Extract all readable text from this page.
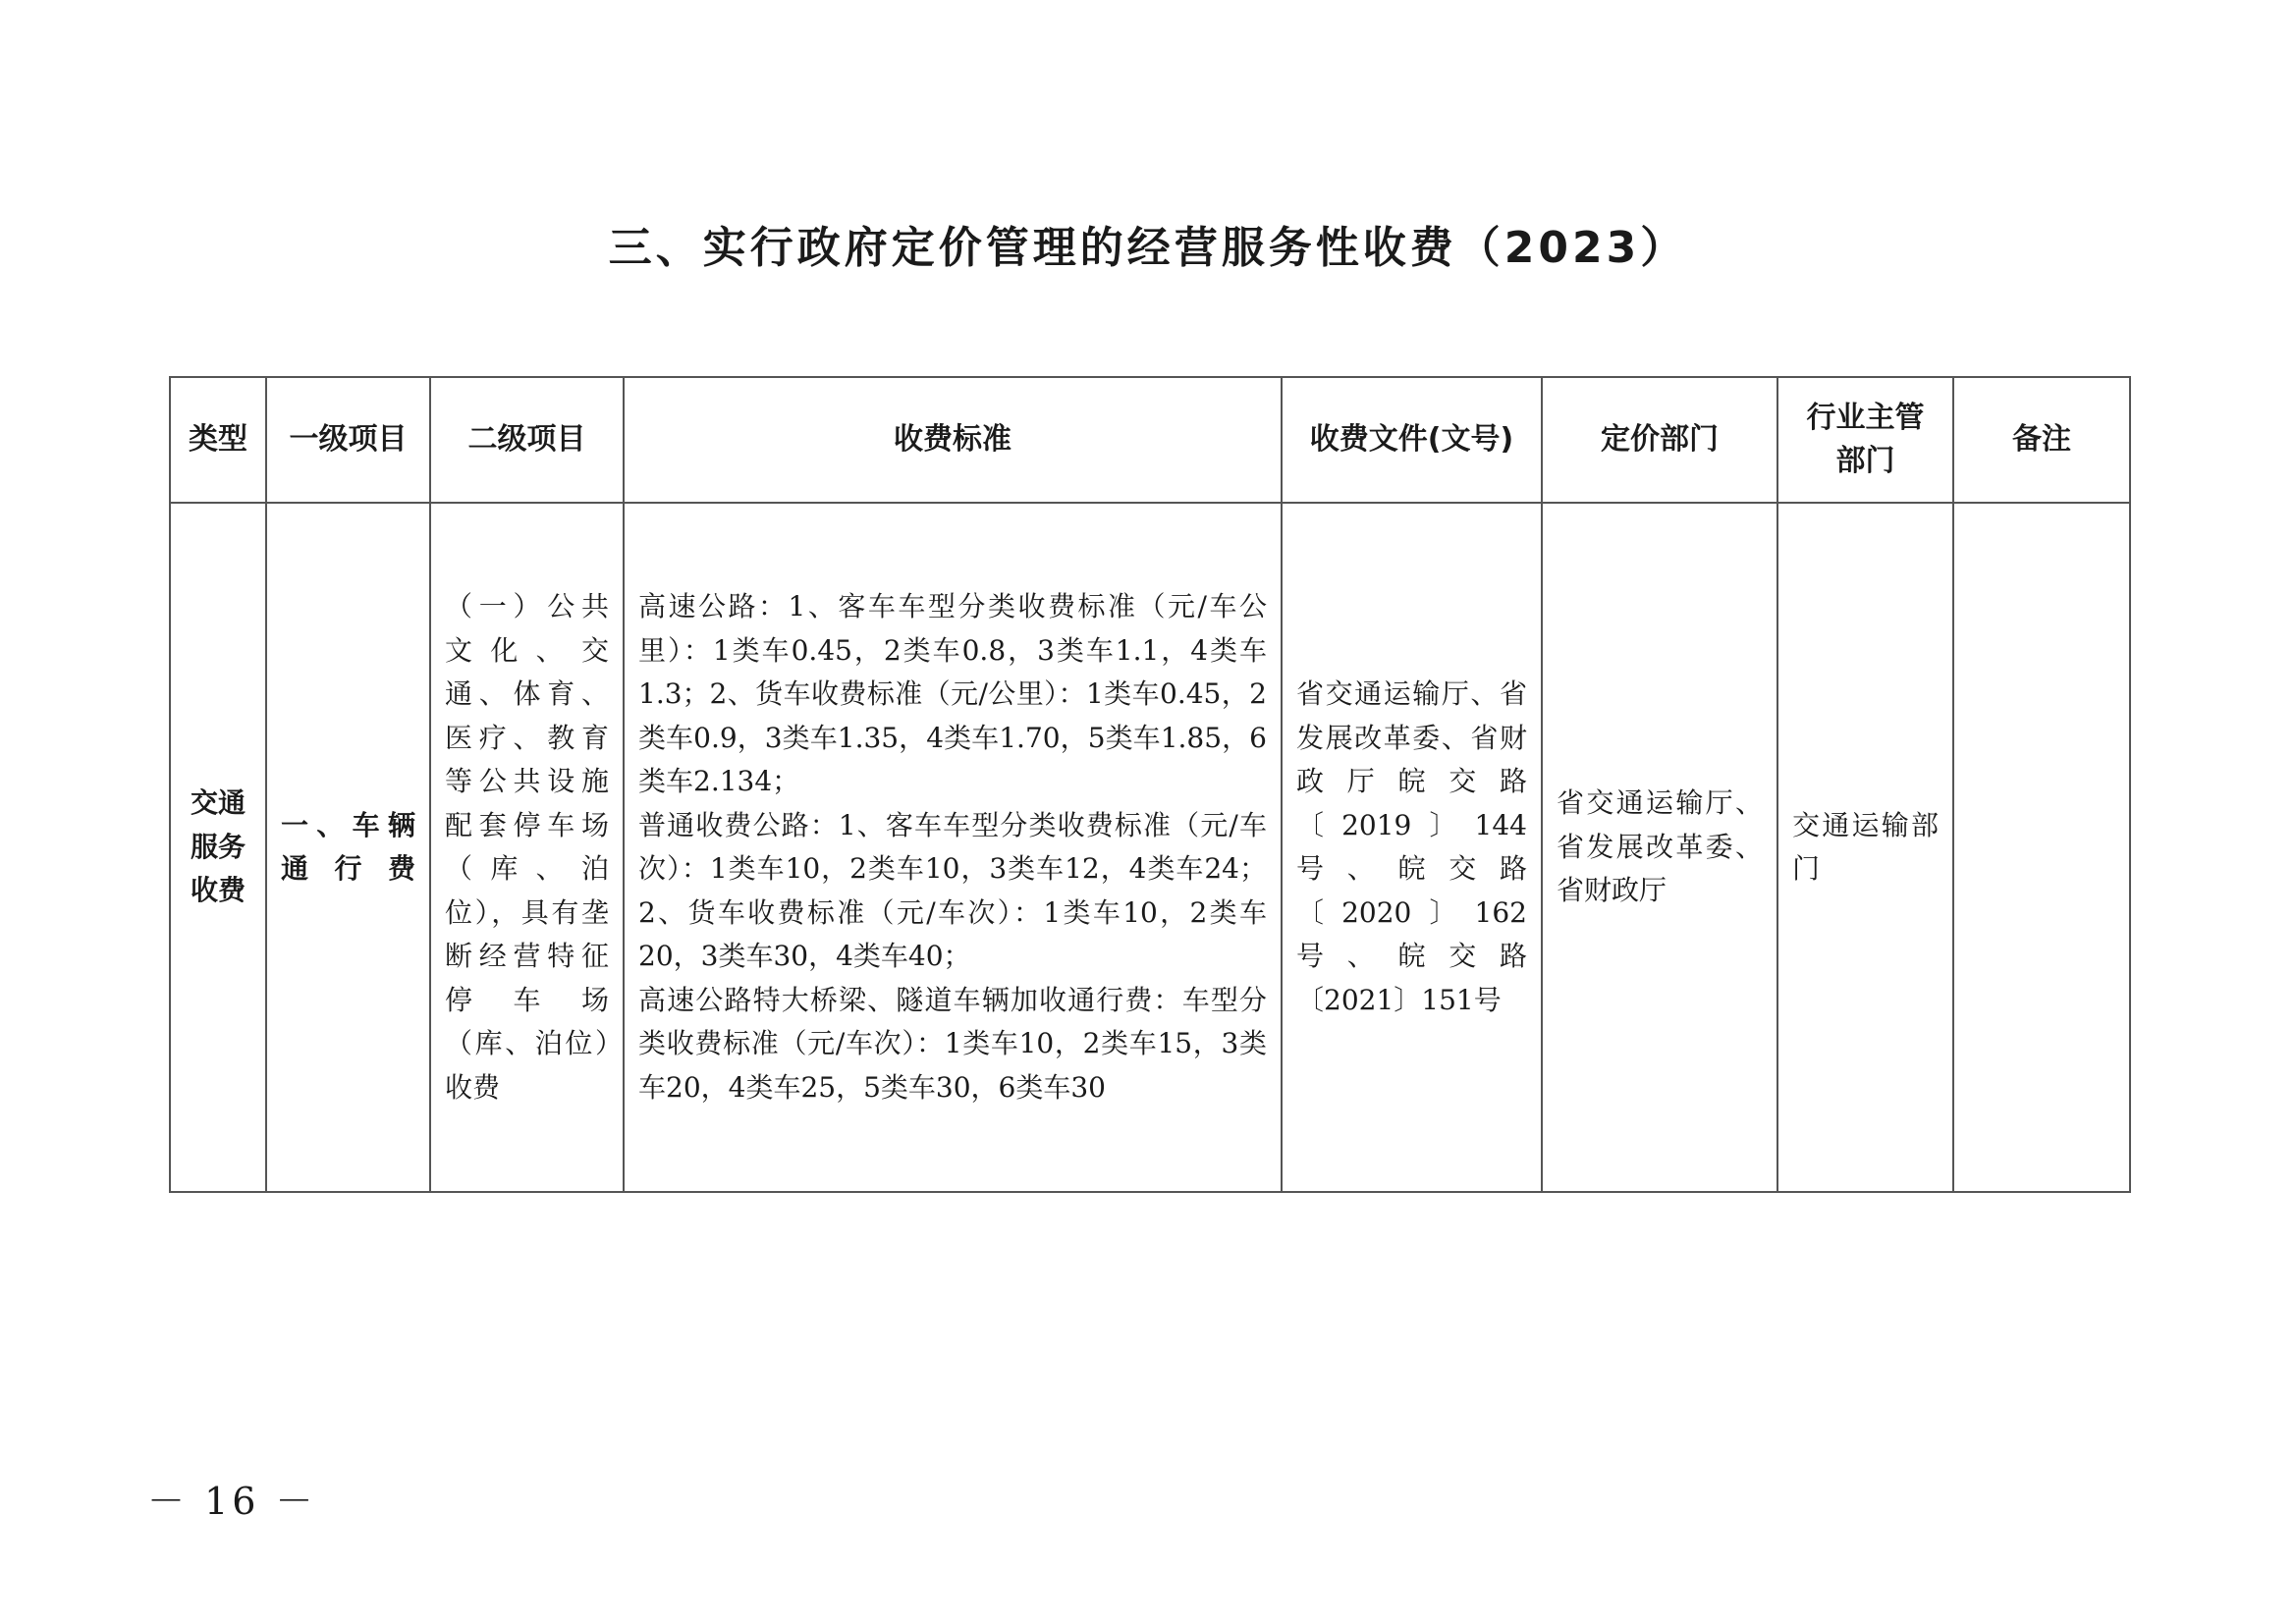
三、实行政府定价管理的经营服务性收费（2023）
类型	一级项目	二级项目	收费标准	收费文件(文号)	定价部门	行业主管部门	备注
交通服务收费	一、车辆通行费	（一）公共文化、交通、体育、医疗、教育等公共设施配套停车场（库、泊位），具有垄断经营特征停车场（库、泊位）收费	高速公路：1、客车车型分类收费标准（元/车公里）：1类车0.45，2类车0.8，3类车1.1，4类车1.3；2、货车收费标准（元/公里）：1类车0.45，2类车0.9，3类车1.35，4类车1.70，5类车1.85，6类车2.134；
普通收费公路：1、客车车型分类收费标准（元/车次）：1类车10，2类车10，3类车12，4类车24；2、货车收费标准（元/车次）：1类车10，2类车20，3类车30，4类车40；
高速公路特大桥梁、隧道车辆加收通行费：车型分类收费标准（元/车次）：1类车10，2类车15，3类车20，4类车25，5类车30，6类车30	省交通运输厅、省发展改革委、省财政厅皖交路〔2019〕144号、皖交路〔2020〕162号、皖交路〔2021〕151号	省交通运输厅、省发展改革委、省财政厅	交通运输部门	
－ 16 －
